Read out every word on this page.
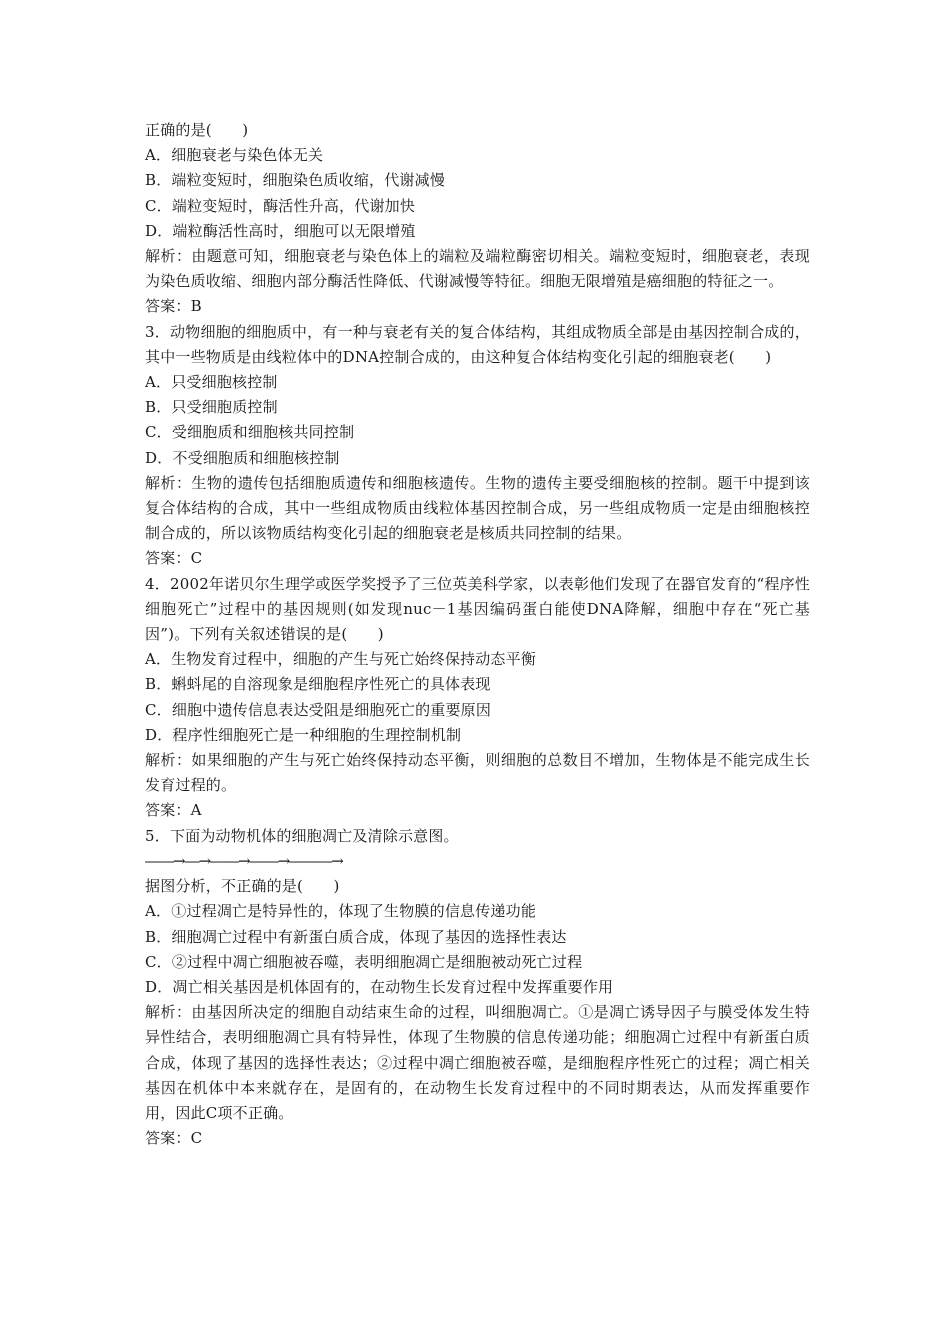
正确的是(　　)
A．细胞衰老与染色体无关
B．端粒变短时，细胞染色质收缩，代谢减慢
C．端粒变短时，酶活性升高，代谢加快
D．端粒酶活性高时，细胞可以无限增殖
解析：由题意可知，细胞衰老与染色体上的端粒及端粒酶密切相关。端粒变短时，细胞衰老，表现为染色质收缩、细胞内部分酶活性降低、代谢减慢等特征。细胞无限增殖是癌细胞的特征之一。
答案：B
3．动物细胞的细胞质中，有一种与衰老有关的复合体结构，其组成物质全部是由基因控制合成的，其中一些物质是由线粒体中的DNA控制合成的，由这种复合体结构变化引起的细胞衰老(　　)
A．只受细胞核控制
B．只受细胞质控制
C．受细胞质和细胞核共同控制
D．不受细胞质和细胞核控制
解析：生物的遗传包括细胞质遗传和细胞核遗传。生物的遗传主要受细胞核的控制。题干中提到该复合体结构的合成，其中一些组成物质由线粒体基因控制合成，另一些组成物质一定是由细胞核控制合成的，所以该物质结构变化引起的细胞衰老是核质共同控制的结果。
答案：C
4．2002年诺贝尔生理学或医学奖授予了三位英美科学家，以表彰他们发现了在器官发育的“程序性细胞死亡”过程中的基因规则(如发现nuc－1基因编码蛋白能使DNA降解，细胞中存在“死亡基因”)。下列有关叙述错误的是(　　)
A．生物发育过程中，细胞的产生与死亡始终保持动态平衡
B．蝌蚪尾的自溶现象是细胞程序性死亡的具体表现
C．细胞中遗传信息表达受阻是细胞死亡的重要原因
D．程序性细胞死亡是一种细胞的生理控制机制
解析：如果细胞的产生与死亡始终保持动态平衡，则细胞的总数目不增加，生物体是不能完成生长发育过程的。
答案：A
5．下面为动物机体的细胞凋亡及清除示意图。
――→―→――→――→―――→
据图分析，不正确的是(　　)
A．①过程凋亡是特异性的，体现了生物膜的信息传递功能
B．细胞凋亡过程中有新蛋白质合成，体现了基因的选择性表达
C．②过程中凋亡细胞被吞噬，表明细胞凋亡是细胞被动死亡过程
D．凋亡相关基因是机体固有的，在动物生长发育过程中发挥重要作用
解析：由基因所决定的细胞自动结束生命的过程，叫细胞凋亡。①是凋亡诱导因子与膜受体发生特异性结合，表明细胞凋亡具有特异性，体现了生物膜的信息传递功能；细胞凋亡过程中有新蛋白质合成，体现了基因的选择性表达；②过程中凋亡细胞被吞噬，是细胞程序性死亡的过程；凋亡相关基因在机体中本来就存在，是固有的，在动物生长发育过程中的不同时期表达，从而发挥重要作用，因此C项不正确。
答案：C
